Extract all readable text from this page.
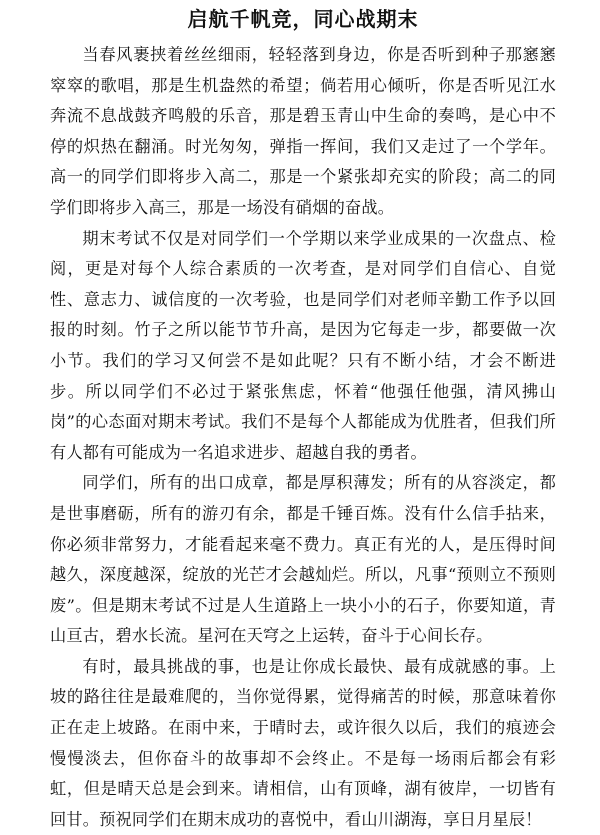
启航千帆竞，同心战期末

当春风裹挟着丝丝细雨，轻轻落到身边，你是否听到种子那窸窸窣窣的歌唱，那是生机盎然的希望；倘若用心倾听，你是否听见江水奔流不息战鼓齐鸣般的乐音，那是碧玉青山中生命的奏鸣，是心中不停的炽热在翻涌。时光匆匆，弹指一挥间，我们又走过了一个学年。高一的同学们即将步入高二，那是一个紧张却充实的阶段；高二的同学们即将步入高三，那是一场没有硝烟的奋战。

期末考试不仅是对同学们一个学期以来学业成果的一次盘点、检阅，更是对每个人综合素质的一次考查，是对同学们自信心、自觉性、意志力、诚信度的一次考验，也是同学们对老师辛勤工作予以回报的时刻。竹子之所以能节节升高，是因为它每走一步，都要做一次小节。我们的学习又何尝不是如此呢？只有不断小结，才会不断进步。所以同学们不必过于紧张焦虑，怀着“他强任他强，清风拂山岗”的心态面对期末考试。我们不是每个人都能成为优胜者，但我们所有人都有可能成为一名追求进步、超越自我的勇者。

同学们，所有的出口成章，都是厚积薄发；所有的从容淡定，都是世事磨砺，所有的游刃有余，都是千锤百炼。没有什么信手拈来，你必须非常努力，才能看起来毫不费力。真正有光的人，是压得时间越久，深度越深，绽放的光芒才会越灿烂。所以，凡事“预则立不预则废”。但是期末考试不过是人生道路上一块小小的石子，你要知道，青山亘古，碧水长流。星河在天穹之上运转，奋斗于心间长存。

有时，最具挑战的事，也是让你成长最快、最有成就感的事。上坡的路往往是最难爬的，当你觉得累，觉得痛苦的时候，那意味着你正在走上坡路。在雨中来，于晴时去，或许很久以后，我们的痕迹会慢慢淡去，但你奋斗的故事却不会终止。不是每一场雨后都会有彩虹，但是晴天总是会到来。请相信，山有顶峰，湖有彼岸，一切皆有回甘。预祝同学们在期末成功的喜悦中，看山川湖海，享日月星辰！
